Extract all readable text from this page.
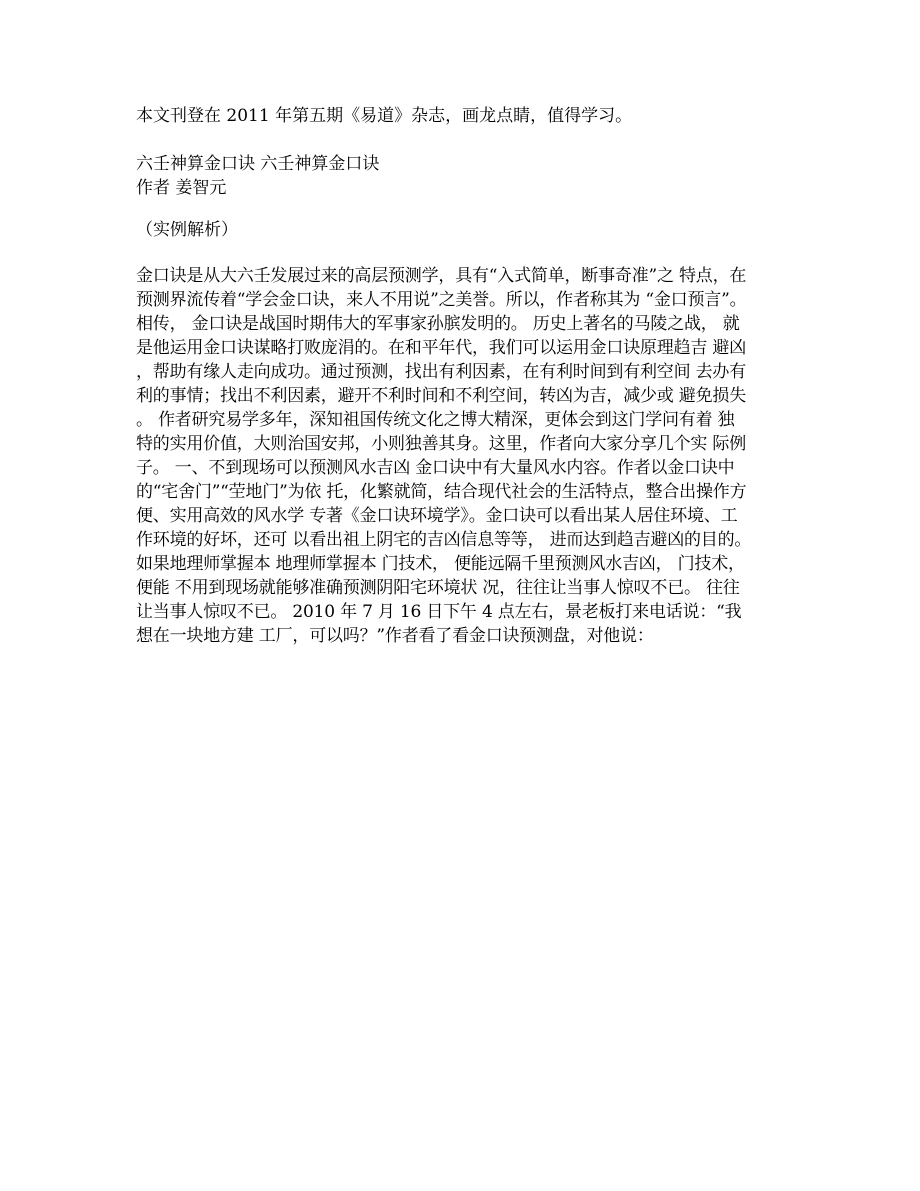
本文刊登在 2011 年第五期《易道》杂志，画龙点睛，值得学习。
六壬神算金口诀 六壬神算金口诀
作者 姜智元
（实例解析）
金口诀是从大六壬发展过来的高层预测学，具有“入式简单，断事奇准”之 特点，在
预测界流传着“学会金口诀，来人不用说”之美誉。所以，作者称其为 “金口预言”。
相传， 金口诀是战国时期伟大的军事家孙膑发明的。 历史上著名的马陵之战， 就
是他运用金口诀谋略打败庞涓的。在和平年代，我们可以运用金口诀原理趋吉 避凶
，帮助有缘人走向成功。通过预测，找出有利因素，在有利时间到有利空间 去办有
利的事情；找出不利因素，避开不利时间和不利空间，转凶为吉，减少或 避免损失
。 作者研究易学多年，深知祖国传统文化之博大精深，更体会到这门学问有着 独
特的实用价值，大则治国安邦，小则独善其身。这里，作者向大家分享几个实 际例
子。 一、不到现场可以预测风水吉凶 金口诀中有大量风水内容。作者以金口诀中
的“宅舍门”“茔地门”为依 托，化繁就简，结合现代社会的生活特点，整合出操作方
便、实用高效的风水学 专著《金口诀环境学》。金口诀可以看出某人居住环境、工
作环境的好坏，还可 以看出祖上阴宅的吉凶信息等等， 进而达到趋吉避凶的目的。
如果地理师掌握本 地理师掌握本 门技术， 便能远隔千里预测风水吉凶， 门技术，
便能 不用到现场就能够准确预测阴阳宅环境状 况，往往让当事人惊叹不已。 往往
让当事人惊叹不已。 2010 年 7 月 16 日下午 4 点左右，景老板打来电话说：“我
想在一块地方建 工厂，可以吗？”作者看了看金口诀预测盘，对他说：
